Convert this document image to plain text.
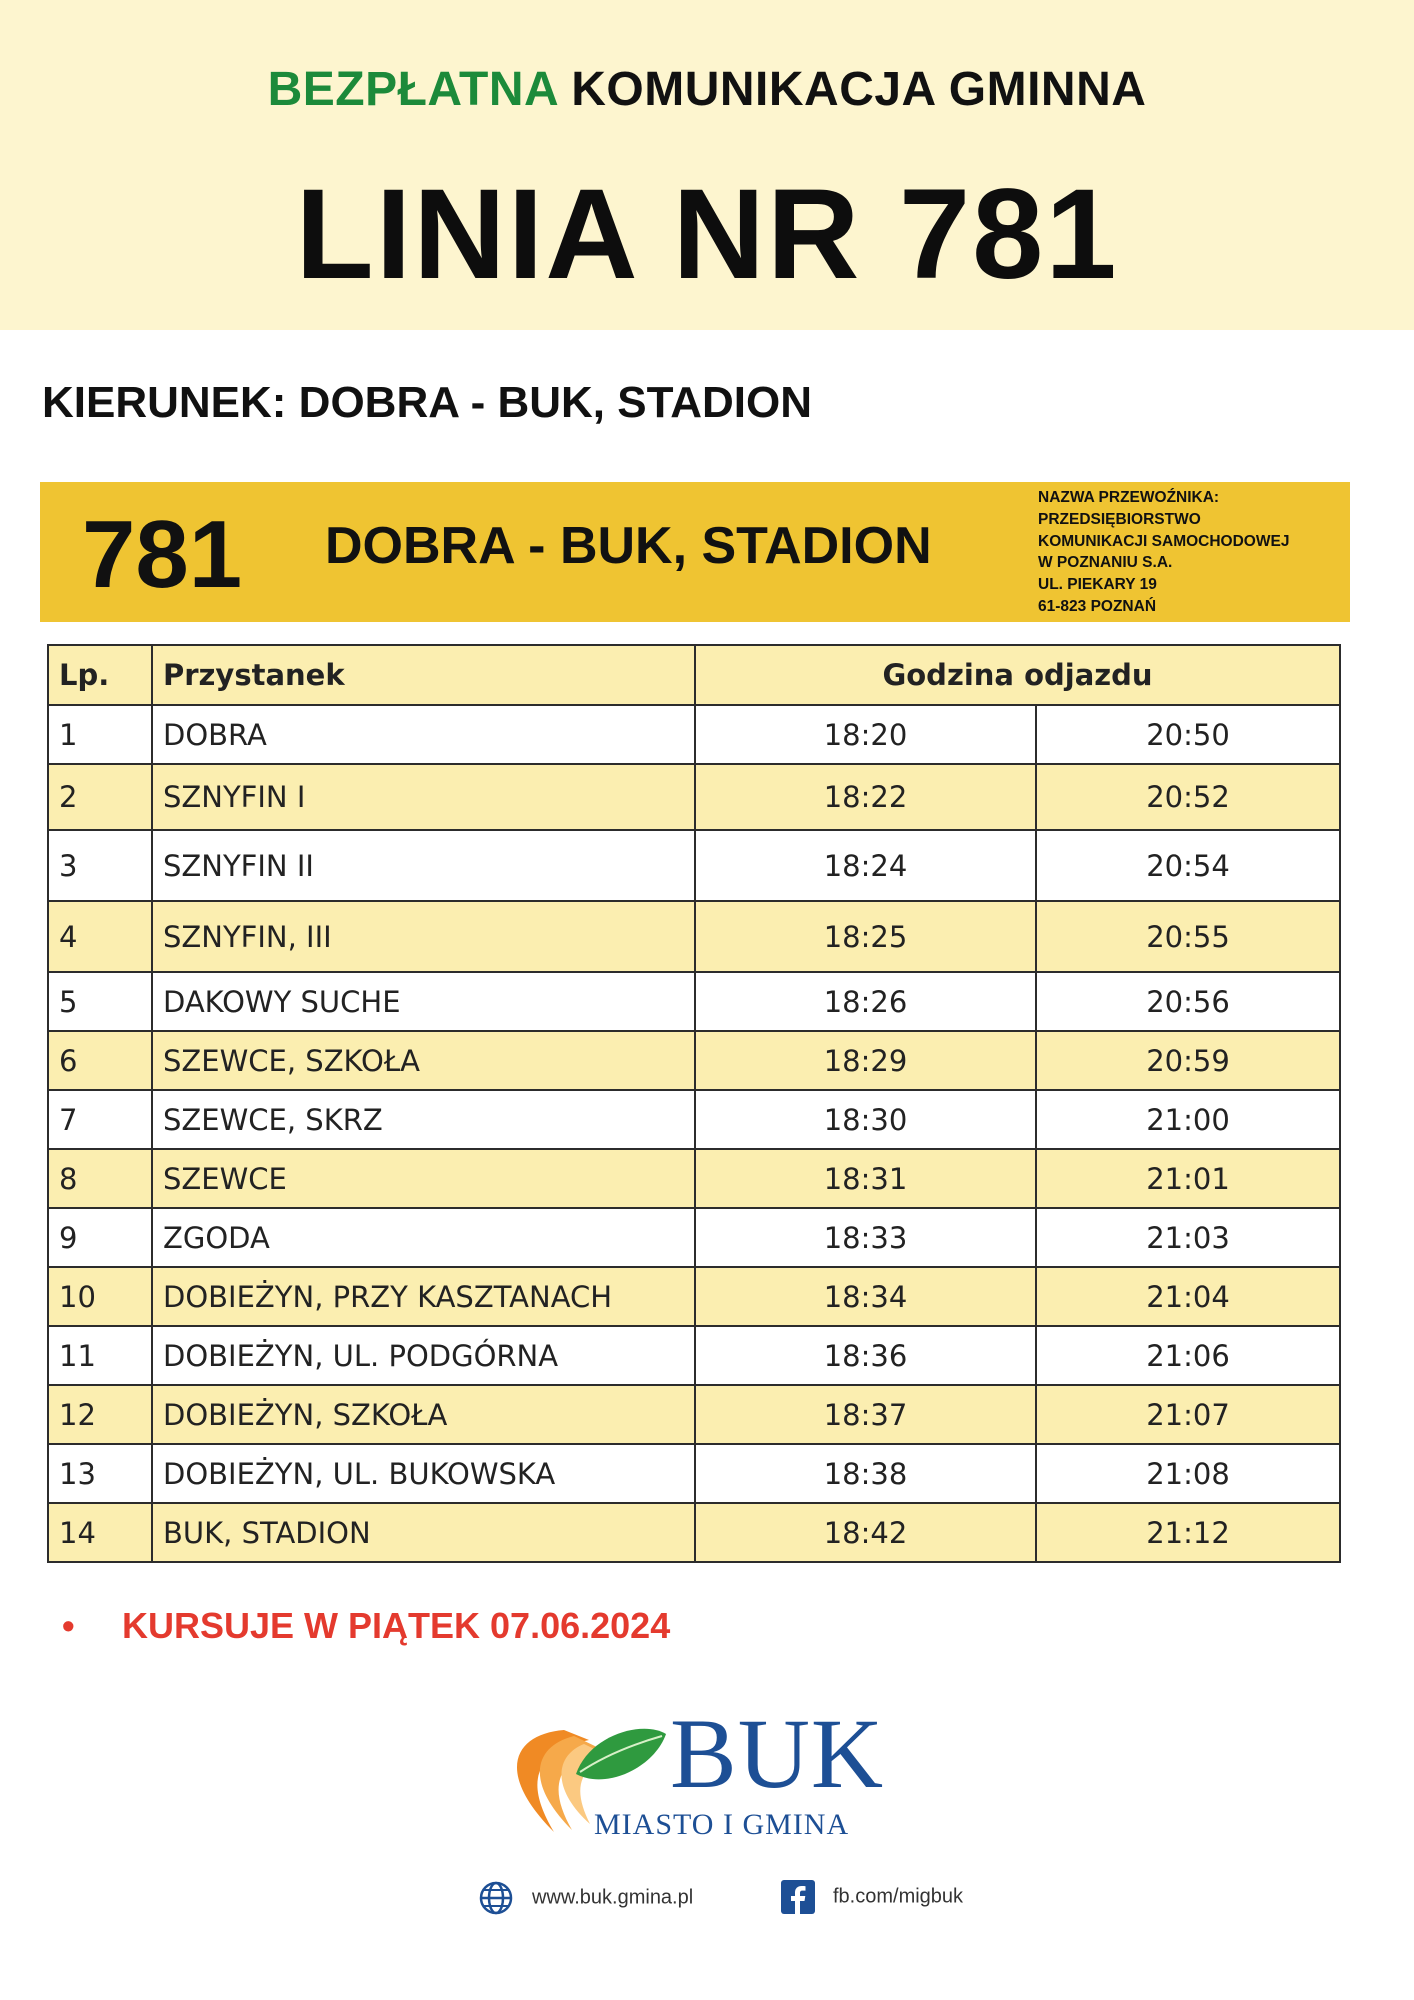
BEZPŁATNA KOMUNIKACJA GMINNA
LINIA NR 781
KIERUNEK: DOBRA - BUK, STADION
781 DOBRA - BUK, STADION
NAZWA PRZEWOŹNIKA:
PRZEDSIĘBIORSTWO
KOMUNIKACJI SAMOCHODOWEJ
W POZNANIU S.A.
UL. PIEKARY 19
61-823 POZNAŃ
Lp.	Przystanek	Godzina odjazdu	
1	DOBRA	18:20	20:50
2	SZNYFIN I	18:22	20:52
3	SZNYFIN II	18:24	20:54
4	SZNYFIN, III	18:25	20:55
5	DAKOWY SUCHE	18:26	20:56
6	SZEWCE, SZKOŁA	18:29	20:59
7	SZEWCE, SKRZ	18:30	21:00
8	SZEWCE	18:31	21:01
9	ZGODA	18:33	21:03
10	DOBIEŻYN, PRZY KASZTANACH	18:34	21:04
11	DOBIEŻYN, UL. PODGÓRNA	18:36	21:06
12	DOBIEŻYN, SZKOŁA	18:37	21:07
13	DOBIEŻYN, UL. BUKOWSKA	18:38	21:08
14	BUK, STADION	18:42	21:12
• KURSUJE W PIĄTEK 07.06.2024
BUK
MIASTO I GMINA
www.buk.gmina.pl	fb.com/migbuk
